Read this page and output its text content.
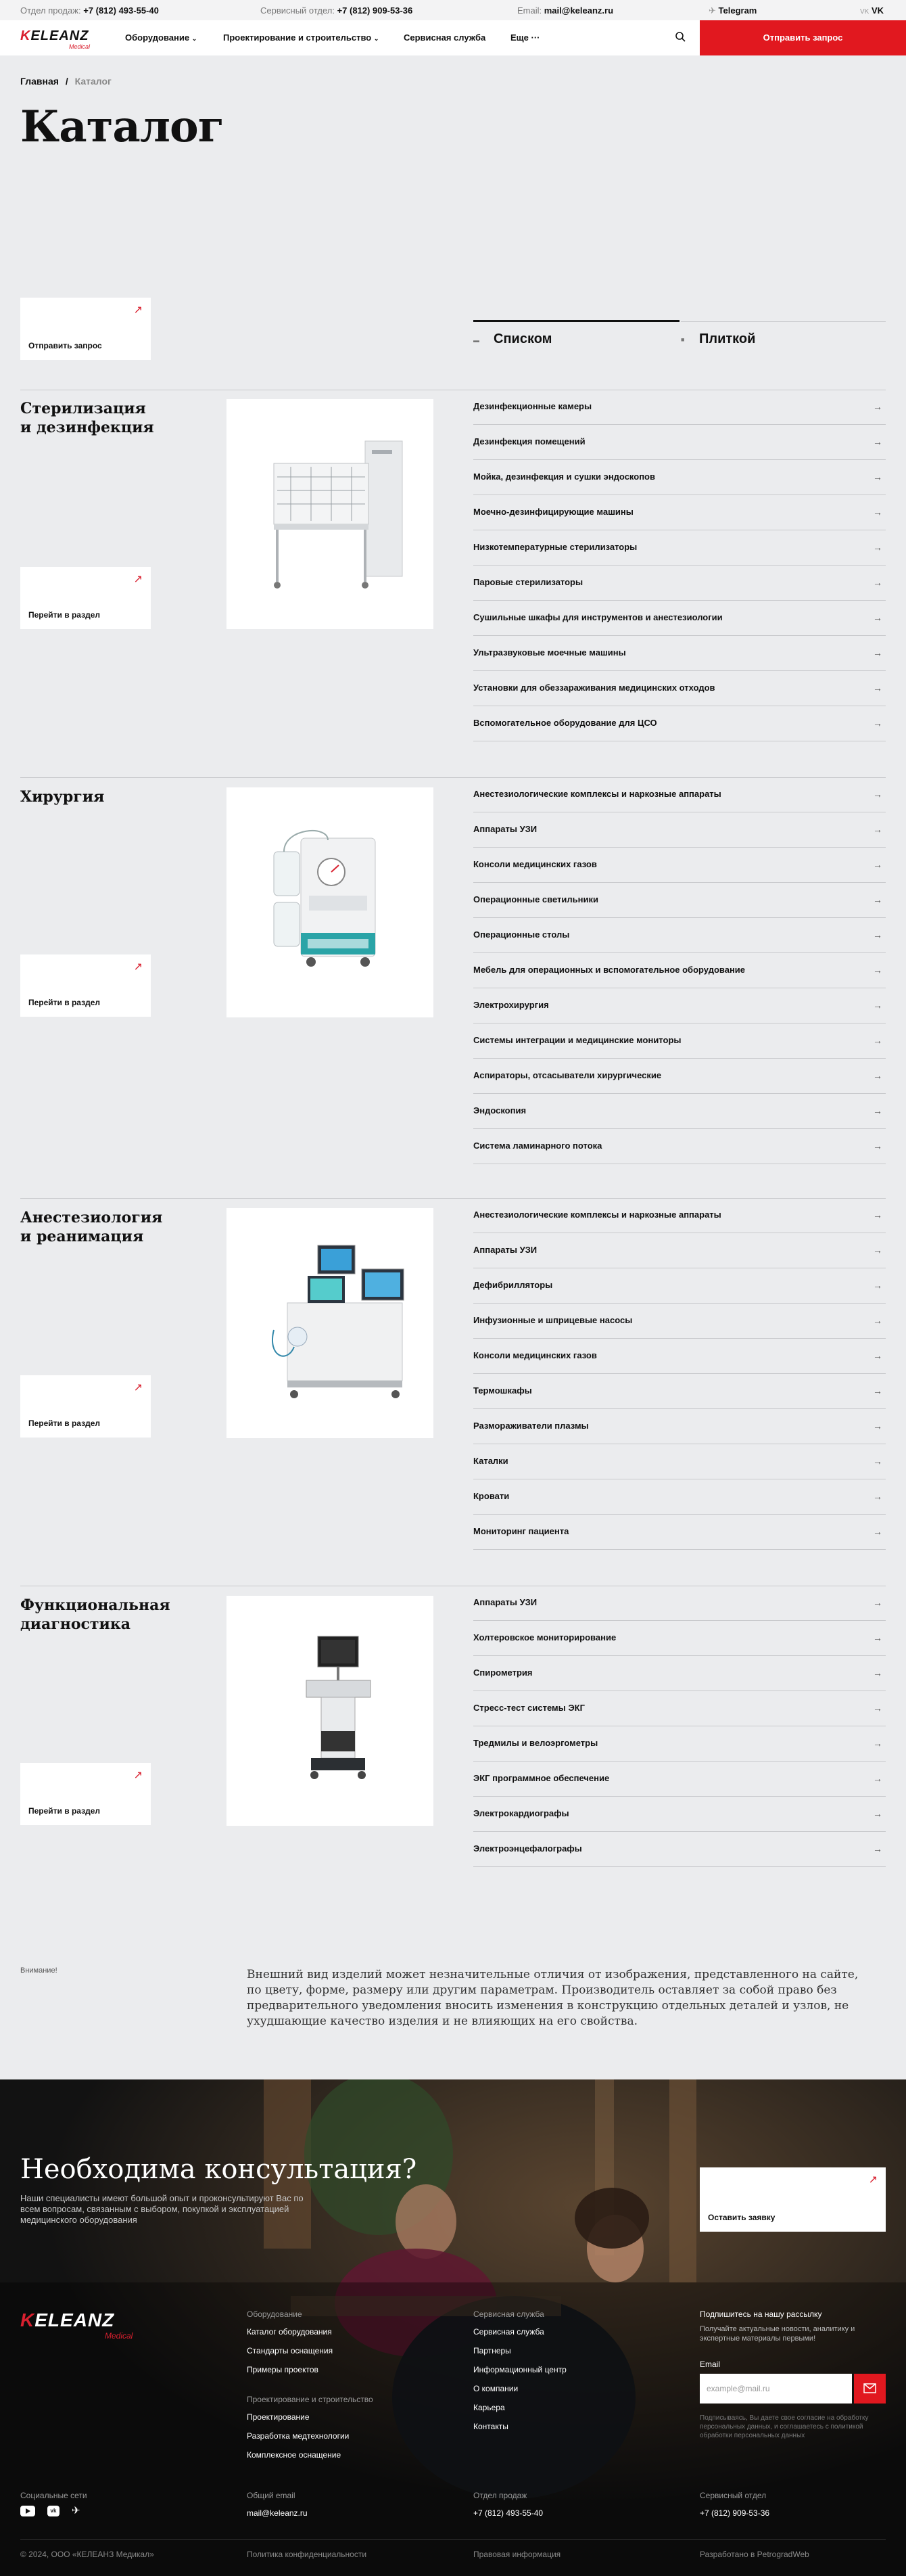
Отдел продаж: +7 (812) 493-55-40	Сервисный отдел: +7 (812) 909-53-36	Email: mail@keleanz.ru	✈ Telegram	VK VK
KELEANZ
Medical
Оборудование ⌄	Проектирование и строительство ⌄	Сервисная служба	Еще ···	Отправить запрос
Главная / Каталог
Каталог
↗
Отправить запрос
▬ Списком	■ Плиткой
Стерилизация
и дезинфекция
↗
Перейти в раздел
Дезинфекционные камеры	→
Дезинфекция помещений	→
Мойка, дезинфекция и сушки эндоскопов	→
Моечно-дезинфицирующие машины	→
Низкотемпературные стерилизаторы	→
Паровые стерилизаторы	→
Сушильные шкафы для инструментов и анестезиологии	→
Ультразвуковые моечные машины	→
Установки для обеззараживания медицинских отходов	→
Вспомогательное оборудование для ЦСО	→
Хирургия
↗
Перейти в раздел
Анестезиологические комплексы и наркозные аппараты	→
Аппараты УЗИ	→
Консоли медицинских газов	→
Операционные светильники	→
Операционные столы	→
Мебель для операционных и вспомогательное оборудование	→
Электрохирургия	→
Системы интеграции и медицинские мониторы	→
Аспираторы, отсасыватели хирургические	→
Эндоскопия	→
Система ламинарного потока	→
Анестезиология
и реанимация
↗
Перейти в раздел
Анестезиологические комплексы и наркозные аппараты	→
Аппараты УЗИ	→
Дефибрилляторы	→
Инфузионные и шприцевые насосы	→
Консоли медицинских газов	→
Термошкафы	→
Размораживатели плазмы	→
Каталки	→
Кровати	→
Мониторинг пациента	→
Функциональная
диагностика
↗
Перейти в раздел
Аппараты УЗИ	→
Холтеровское мониторирование	→
Спирометрия	→
Стресс-тест системы ЭКГ	→
Тредмилы и велоэргометры	→
ЭКГ программное обеспечение	→
Электрокардиографы	→
Электроэнцефалографы	→
Внимание!	Внешний вид изделий может незначительные отличия от изображения, представленного на сайте, по цвету, форме, размеру или другим параметрам. Производитель оставляет за собой право без предварительного уведомления вносить изменения в конструкцию отдельных деталей и узлов, не ухудшающие качество изделия и не влияющих на его свойства.
Необходима консультация?
Наши специалисты имеют большой опыт и проконсультируют Вас по всем вопросам, связанным с выбором, покупкой и эксплуатацией медицинского оборудования
↗
Оставить заявку
KELEANZ
Medical
Оборудование
Каталог оборудования
Стандарты оснащения
Примеры проектов
Проектирование и строительство
Проектирование
Разработка медтехнологии
Комплексное оснащение
Сервисная служба
Сервисная служба
Партнеры
Информационный центр
О компании
Карьера
Контакты
Подпишитесь на нашу рассылку
Получайте актуальные новости, аналитику и экспертные материалы первыми!
Email
example@mail.ru
Подписываясь, Вы даете свое согласие на обработку персональных данных, и соглашаетесь с политикой обработки персональных данных
Социальные сети
vk	✈
Общий email
mail@keleanz.ru
Отдел продаж
+7 (812) 493-55-40
Сервисный отдел
+7 (812) 909-53-36
© 2024, ООО «КЕЛЕАНЗ Медикал»	Политика конфиденциальности	Правовая информация	Разработано в PetrogradWeb
